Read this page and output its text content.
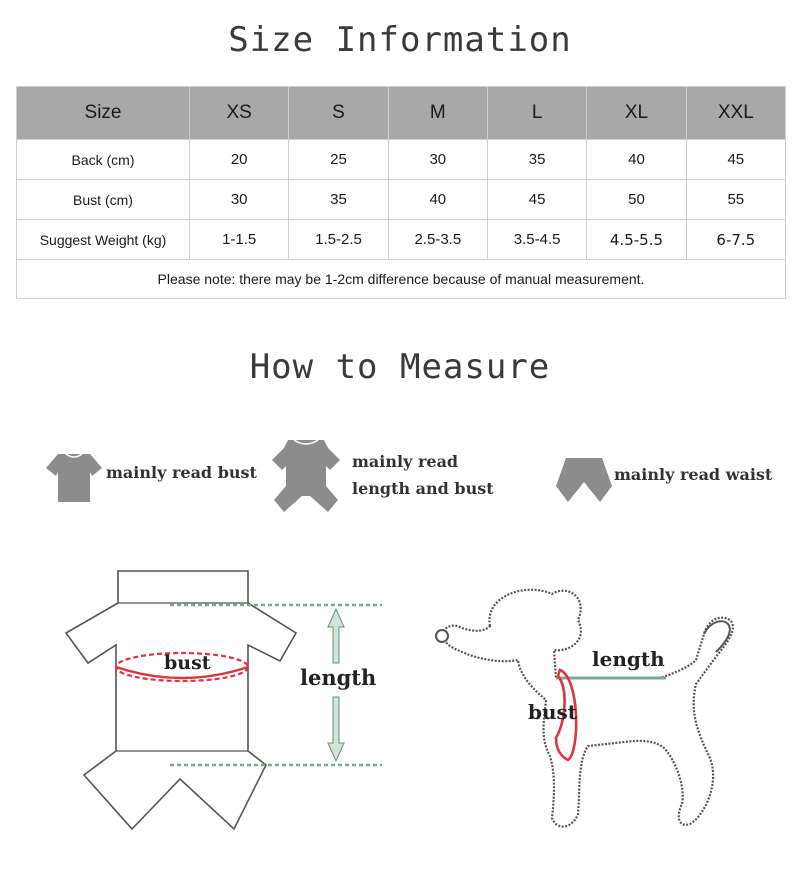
Size Information
Size	XS	S	M	L	XL	XXL
Back (cm)	20	25	30	35	40	45
Bust (cm)	30	35	40	45	50	55
Suggest Weight (kg)	1-1.5	1.5-2.5	2.5-3.5	3.5-4.5	4.5-5.5	6-7.5
Please note: there may be 1-2cm difference because of manual measurement.						
How to Measure
mainly read bust
mainly read
length and bust
mainly read waist
bust
length
length
bust
